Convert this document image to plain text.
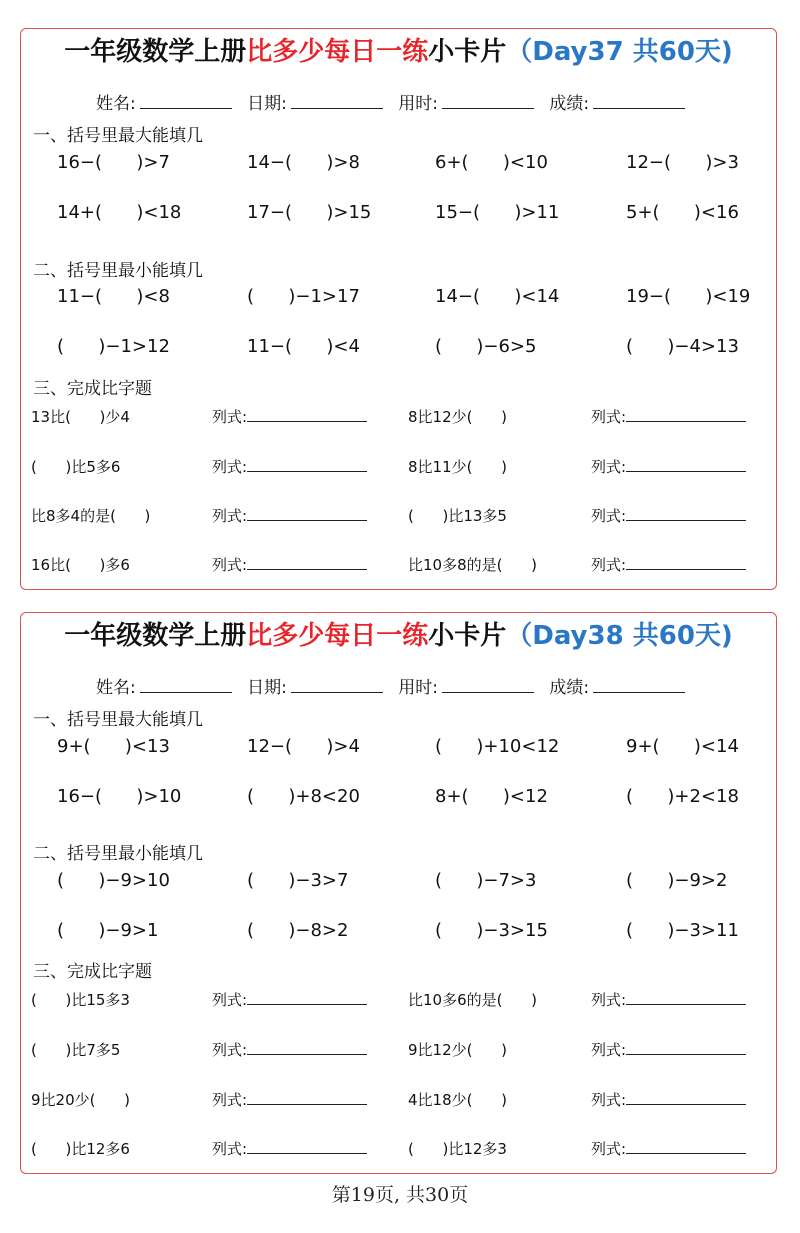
一年级数学上册比多少每日一练小卡片（Day37 共60天)
姓名:	日期:	用时:	成绩:
一、括号里最大能填几
16−(      )>7	14−(      )>8	6+(      )<10	12−(      )>3
14+(      )<18	17−(      )>15	15−(      )>11	5+(      )<16
二、括号里最小能填几
11−(      )<8	(      )−1>17	14−(      )<14	19−(      )<19
(      )−1>12	11−(      )<4	(      )−6>5	(      )−4>13
三、完成比字题
13比(      )少4	列式:	8比12少(      )	列式:
(      )比5多6	列式:	8比11少(      )	列式:
比8多4的是(      )	列式:	(      )比13多5	列式:
16比(      )多6	列式:	比10多8的是(      )	列式:
一年级数学上册比多少每日一练小卡片（Day38 共60天)
姓名:	日期:	用时:	成绩:
一、括号里最大能填几
9+(      )<13	12−(      )>4	(      )+10<12	9+(      )<14
16−(      )>10	(      )+8<20	8+(      )<12	(      )+2<18
二、括号里最小能填几
(      )−9>10	(      )−3>7	(      )−7>3	(      )−9>2
(      )−9>1	(      )−8>2	(      )−3>15	(      )−3>11
三、完成比字题
(      )比15多3	列式:	比10多6的是(      )	列式:
(      )比7多5	列式:	9比12少(      )	列式:
9比20少(      )	列式:	4比18少(      )	列式:
(      )比12多6	列式:	(      )比12多3	列式:
第19页, 共30页
